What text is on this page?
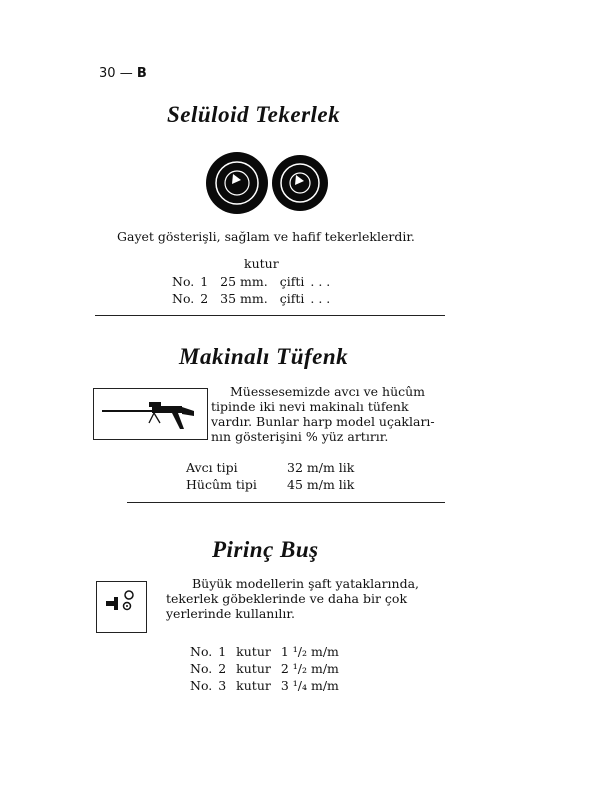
30 — B
Selüloid Tekerlek
Gayet gösterişli, sağlam ve hafif tekerleklerdir.
kutur
No.	1	25 mm.	çifti	. . .
No.	2	35 mm.	çifti	. . .
Makinalı Tüfenk
Müessesemizde avcı ve hücûm
tipinde iki nevi makinalı tüfenk
vardır. Bunlar harp model uçakları-
nın gösterişini % yüz artırır.
Avcı tipi	32 m/m lik
Hücûm tipi	45 m/m lik
Pirinç Buş
Büyük modellerin şaft yataklarında,
tekerlek göbeklerinde ve daha bir çok
yerlerinde kullanılır.
No.	1	kutur	1 ¹/₂ m/m
No.	2	kutur	2 ¹/₂ m/m
No.	3	kutur	3 ¹/₄ m/m
